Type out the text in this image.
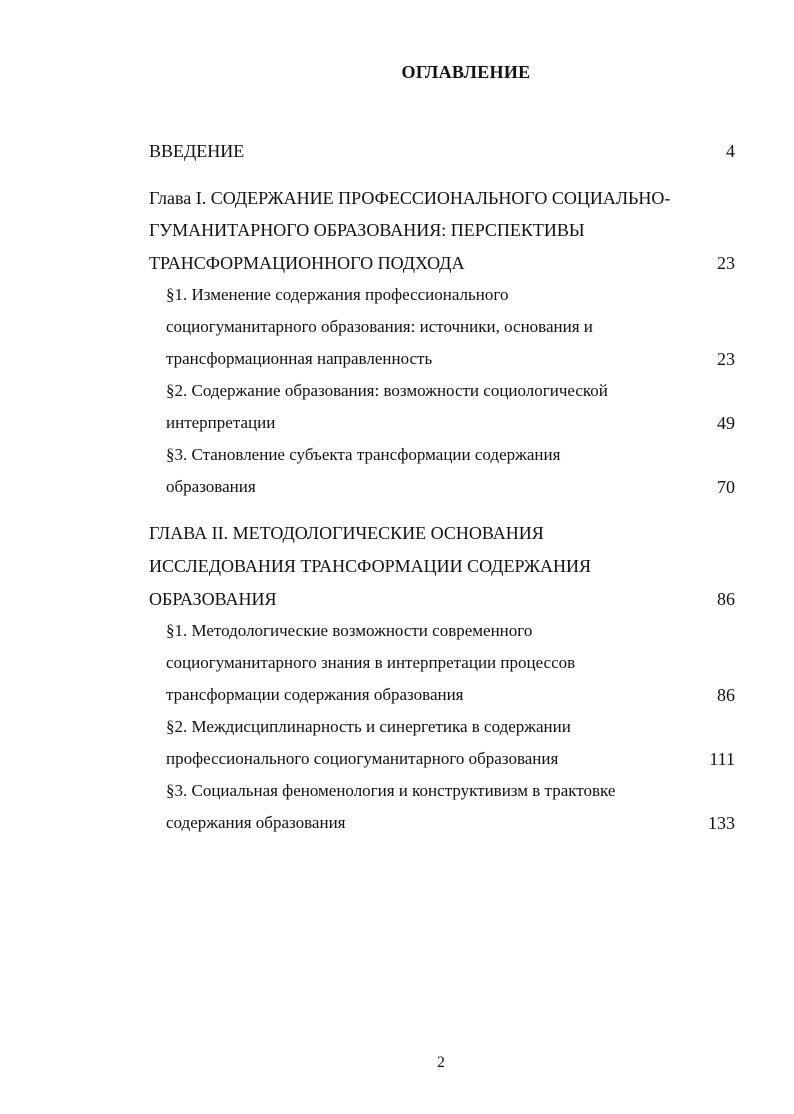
ОГЛАВЛЕНИЕ
ВВЕДЕНИЕ	4
Глава I. СОДЕРЖАНИЕ ПРОФЕССИОНАЛЬНОГО СОЦИАЛЬНО-
ГУМАНИТАРНОГО ОБРАЗОВАНИЯ: ПЕРСПЕКТИВЫ
ТРАНСФОРМАЦИОННОГО ПОДХОДА	23
§1. Изменение содержания профессионального
социогуманитарного образования: источники, основания и
трансформационная направленность	23
§2. Содержание образования: возможности социологической
интерпретации	49
§3. Становление субъекта трансформации содержания
образования	70
ГЛАВА II. МЕТОДОЛОГИЧЕСКИЕ ОСНОВАНИЯ
ИССЛЕДОВАНИЯ ТРАНСФОРМАЦИИ СОДЕРЖАНИЯ
ОБРАЗОВАНИЯ	86
§1. Методологические возможности современного
социогуманитарного знания в интерпретации процессов
трансформации содержания образования	86
§2. Междисциплинарность и синергетика в содержании
профессионального социогуманитарного образования	111
§3. Социальная феноменология и конструктивизм в трактовке
содержания образования	133
2
